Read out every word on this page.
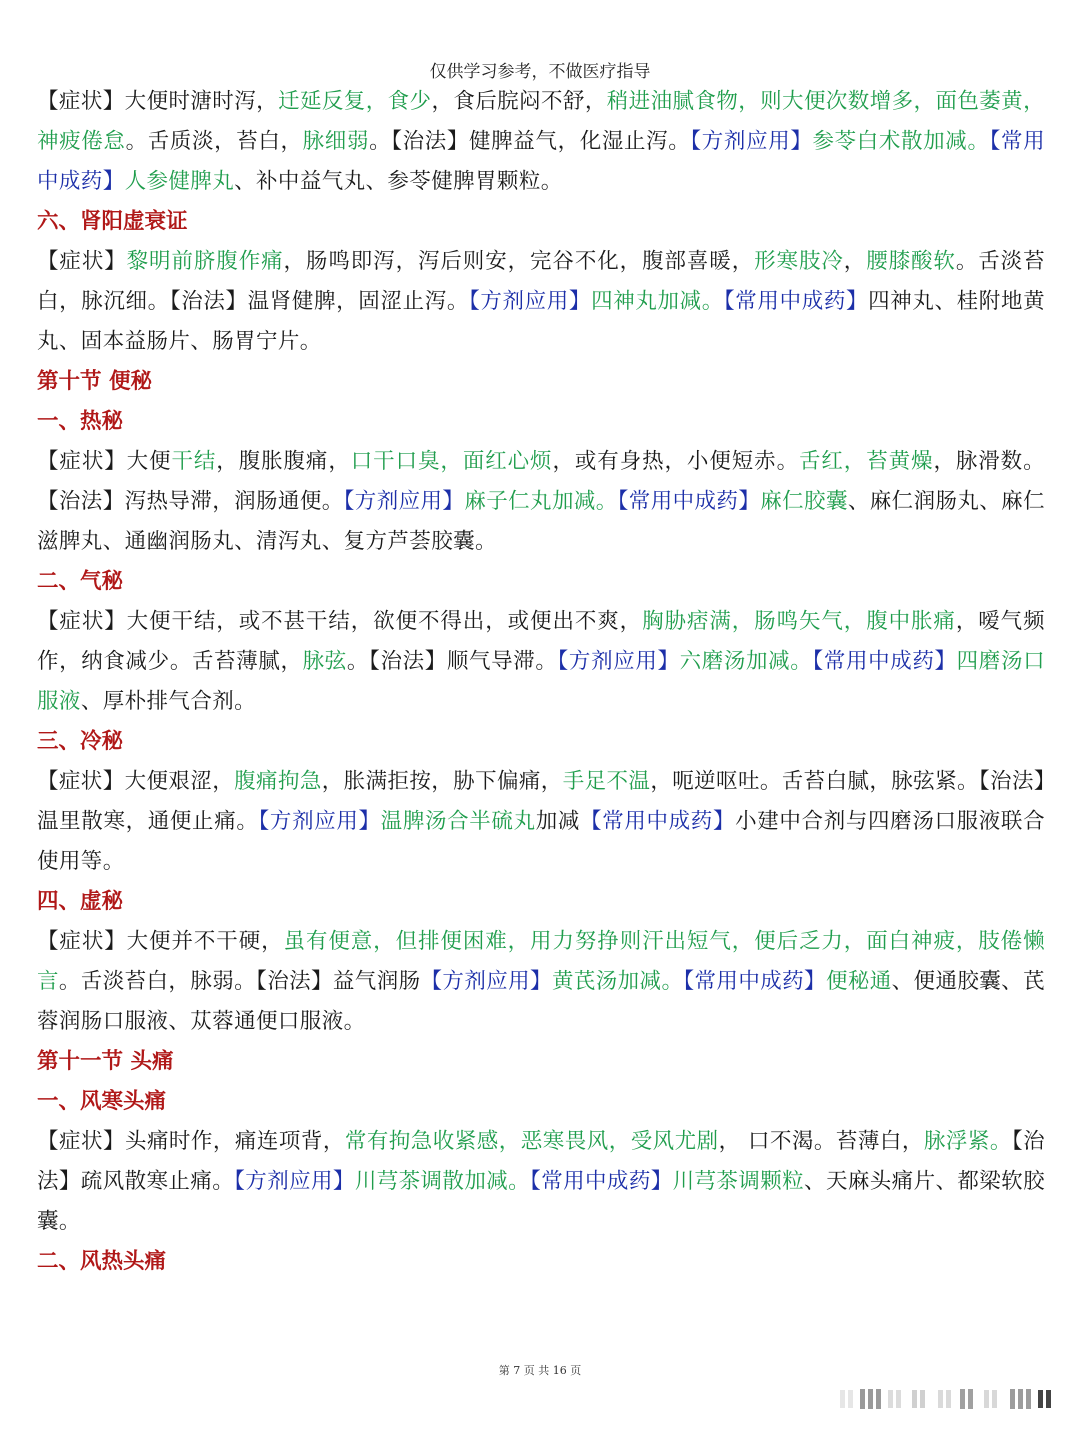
仅供学习参考，不做医疗指导

【症状】大便时溏时泻，迁延反复，食少，食后脘闷不舒，稍进油腻食物，则大便次数增多，面色萎黄，神疲倦怠。舌质淡，苔白，脉细弱。【治法】健脾益气，化湿止泻。【方剂应用】参苓白术散加减。【常用中成药】人参健脾丸、补中益气丸、参苓健脾胃颗粒。

六、肾阳虚衰证

【症状】黎明前脐腹作痛，肠鸣即泻，泻后则安，完谷不化，腹部喜暖，形寒肢冷，腰膝酸软。舌淡苔白，脉沉细。【治法】温肾健脾，固涩止泻。【方剂应用】四神丸加减。【常用中成药】四神丸、桂附地黄丸、固本益肠片、肠胃宁片。

第十节 便秘
一、热秘

【症状】大便干结，腹胀腹痛，口干口臭，面红心烦，或有身热，小便短赤。舌红，苔黄燥，脉滑数。【治法】泻热导滞，润肠通便。【方剂应用】麻子仁丸加减。【常用中成药】麻仁胶囊、麻仁润肠丸、麻仁滋脾丸、通幽润肠丸、清泻丸、复方芦荟胶囊。

二、气秘

【症状】大便干结，或不甚干结，欲便不得出，或便出不爽，胸胁痞满，肠鸣矢气，腹中胀痛，嗳气频作，纳食减少。舌苔薄腻，脉弦。【治法】顺气导滞。【方剂应用】六磨汤加减。【常用中成药】四磨汤口服液、厚朴排气合剂。

三、冷秘

【症状】大便艰涩，腹痛拘急，胀满拒按，胁下偏痛，手足不温，呃逆呕吐。舌苔白腻，脉弦紧。【治法】温里散寒，通便止痛。【方剂应用】温脾汤合半硫丸加减【常用中成药】小建中合剂与四磨汤口服液联合使用等。

四、虚秘

【症状】大便并不干硬，虽有便意，但排便困难，用力努挣则汗出短气，便后乏力，面白神疲，肢倦懒言。舌淡苔白，脉弱。【治法】益气润肠【方剂应用】黄芪汤加减。【常用中成药】便秘通、便通胶囊、芪蓉润肠口服液、苁蓉通便口服液。

第十一节 头痛
一、风寒头痛

【症状】头痛时作，痛连项背，常有拘急收紧感，恶寒畏风，受风尤剧， 口不渴。苔薄白，脉浮紧。【治法】疏风散寒止痛。【方剂应用】川芎茶调散加减。【常用中成药】川芎茶调颗粒、天麻头痛片、都梁软胶囊。

二、风热头痛
第 7 页 共 16 页
